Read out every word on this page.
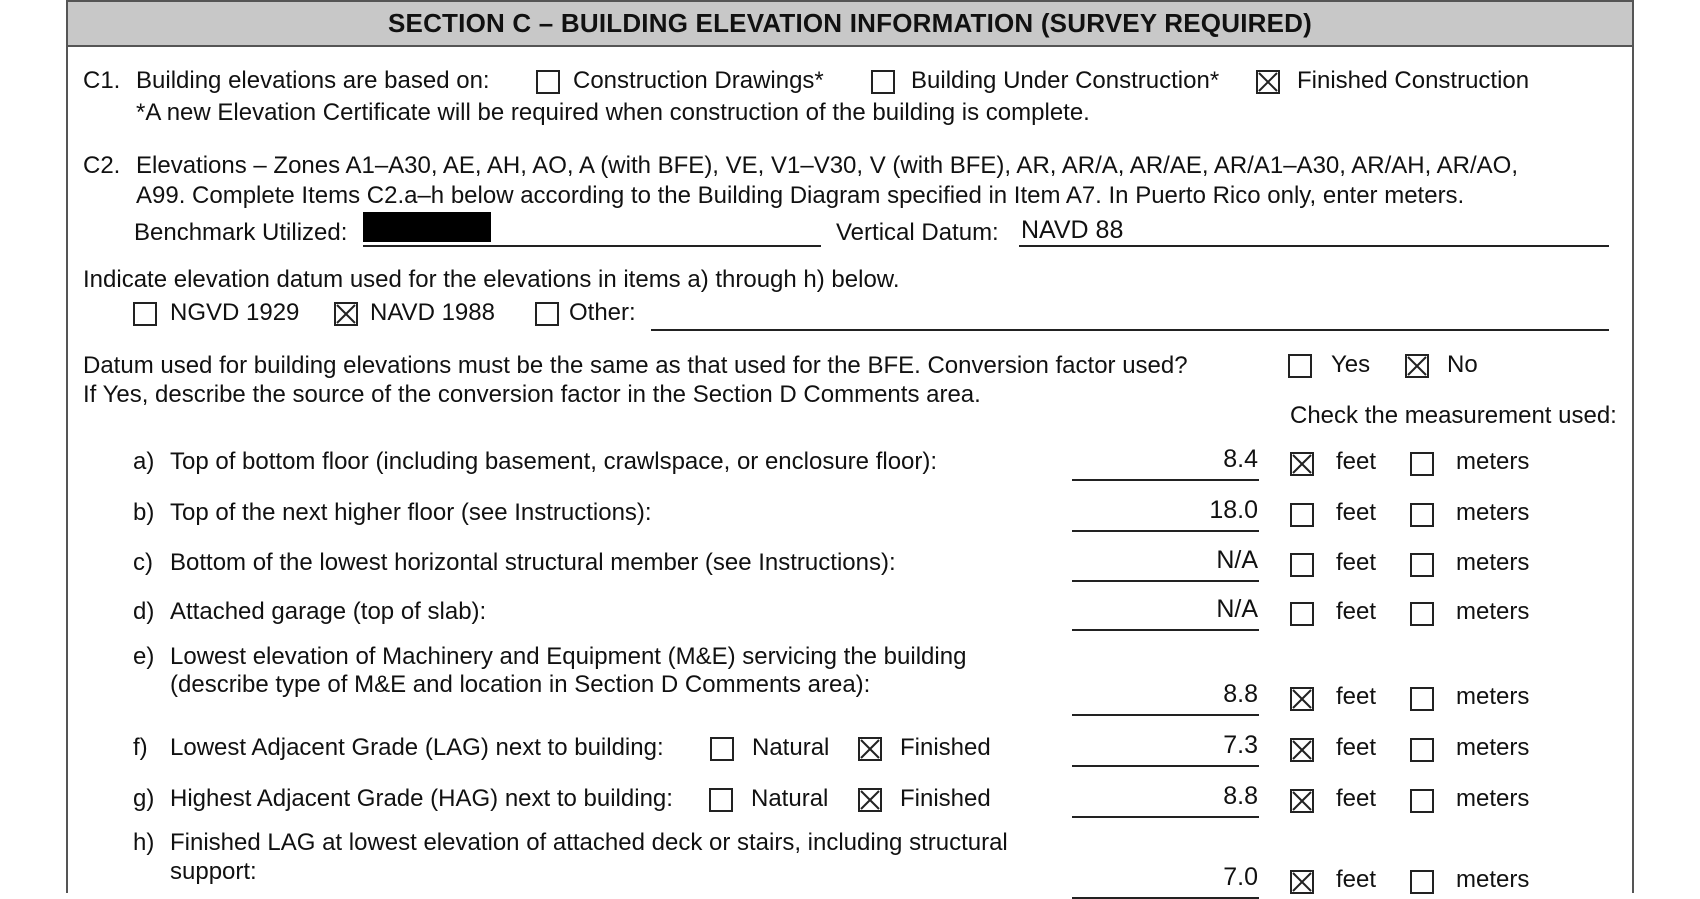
SECTION C – BUILDING ELEVATION INFORMATION (SURVEY REQUIRED)
C1. Building elevations are based on:	Construction Drawings*	Building Under Construction*	Finished Construction
*A new Elevation Certificate will be required when construction of the building is complete.
C2. Elevations – Zones A1–A30, AE, AH, AO, A (with BFE), VE, V1–V30, V (with BFE), AR, AR/A, AR/AE, AR/A1–A30, AR/AH, AR/AO,
A99. Complete Items C2.a–h below according to the Building Diagram specified in Item A7. In Puerto Rico only, enter meters.
Benchmark Utilized:	Vertical Datum: NAVD 88
Indicate elevation datum used for the elevations in items a) through h) below.
NGVD 1929	NAVD 1988	Other:
Datum used for building elevations must be the same as that used for the BFE. Conversion factor used?
If Yes, describe the source of the conversion factor in the Section D Comments area.
Yes	No
Check the measurement used:
a) Top of bottom floor (including basement, crawlspace, or enclosure floor):	8.4	feet	meters
b) Top of the next higher floor (see Instructions):	18.0	feet	meters
c) Bottom of the lowest horizontal structural member (see Instructions):	N/A	feet	meters
d) Attached garage (top of slab):	N/A	feet	meters
e) Lowest elevation of Machinery and Equipment (M&E) servicing the building
(describe type of M&E and location in Section D Comments area):	8.8	feet	meters
f) Lowest Adjacent Grade (LAG) next to building:	Natural	Finished	7.3	feet	meters
g) Highest Adjacent Grade (HAG) next to building:	Natural	Finished	8.8	feet	meters
h) Finished LAG at lowest elevation of attached deck or stairs, including structural
support:	7.0	feet	meters
